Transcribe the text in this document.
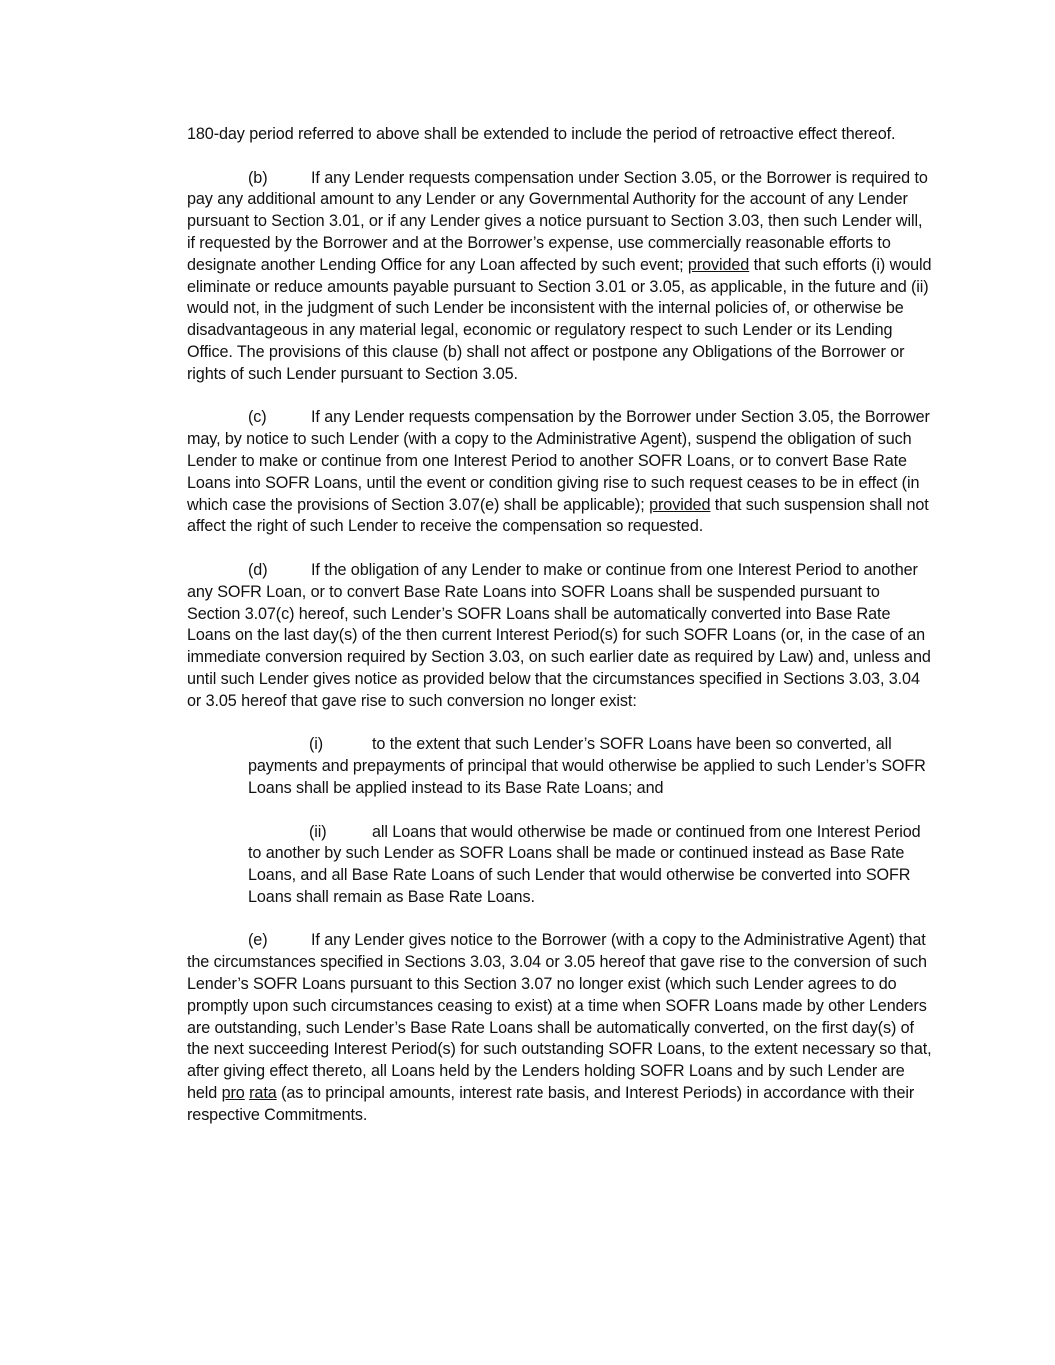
180-day period referred to above shall be extended to include the period of retroactive effect thereof.

(b)	If any Lender requests compensation under Section 3.05, or the Borrower is required to pay any additional amount to any Lender or any Governmental Authority for the account of any Lender pursuant to Section 3.01, or if any Lender gives a notice pursuant to Section 3.03, then such Lender will, if requested by the Borrower and at the Borrower’s expense, use commercially reasonable efforts to designate another Lending Office for any Loan affected by such event; provided that such efforts (i) would eliminate or reduce amounts payable pursuant to Section 3.01 or 3.05, as applicable, in the future and (ii) would not, in the judgment of such Lender be inconsistent with the internal policies of, or otherwise be disadvantageous in any material legal, economic or regulatory respect to such Lender or its Lending Office. The provisions of this clause (b) shall not affect or postpone any Obligations of the Borrower or rights of such Lender pursuant to Section 3.05.

(c)	If any Lender requests compensation by the Borrower under Section 3.05, the Borrower may, by notice to such Lender (with a copy to the Administrative Agent), suspend the obligation of such Lender to make or continue from one Interest Period to another SOFR Loans, or to convert Base Rate Loans into SOFR Loans, until the event or condition giving rise to such request ceases to be in effect (in which case the provisions of Section 3.07(e) shall be applicable); provided that such suspension shall not affect the right of such Lender to receive the compensation so requested.

(d)	If the obligation of any Lender to make or continue from one Interest Period to another any SOFR Loan, or to convert Base Rate Loans into SOFR Loans shall be suspended pursuant to Section 3.07(c) hereof, such Lender’s SOFR Loans shall be automatically converted into Base Rate Loans on the last day(s) of the then current Interest Period(s) for such SOFR Loans (or, in the case of an immediate conversion required by Section 3.03, on such earlier date as required by Law) and, unless and until such Lender gives notice as provided below that the circumstances specified in Sections 3.03, 3.04 or 3.05 hereof that gave rise to such conversion no longer exist:

(i)	to the extent that such Lender’s SOFR Loans have been so converted, all payments and prepayments of principal that would otherwise be applied to such Lender’s SOFR Loans shall be applied instead to its Base Rate Loans; and

(ii)	all Loans that would otherwise be made or continued from one Interest Period to another by such Lender as SOFR Loans shall be made or continued instead as Base Rate Loans, and all Base Rate Loans of such Lender that would otherwise be converted into SOFR Loans shall remain as Base Rate Loans.

(e)	If any Lender gives notice to the Borrower (with a copy to the Administrative Agent) that the circumstances specified in Sections 3.03, 3.04 or 3.05 hereof that gave rise to the conversion of such Lender’s SOFR Loans pursuant to this Section 3.07 no longer exist (which such Lender agrees to do promptly upon such circumstances ceasing to exist) at a time when SOFR Loans made by other Lenders are outstanding, such Lender’s Base Rate Loans shall be automatically converted, on the first day(s) of the next succeeding Interest Period(s) for such outstanding SOFR Loans, to the extent necessary so that, after giving effect thereto, all Loans held by the Lenders holding SOFR Loans and by such Lender are held pro rata (as to principal amounts, interest rate basis, and Interest Periods) in accordance with their respective Commitments.
